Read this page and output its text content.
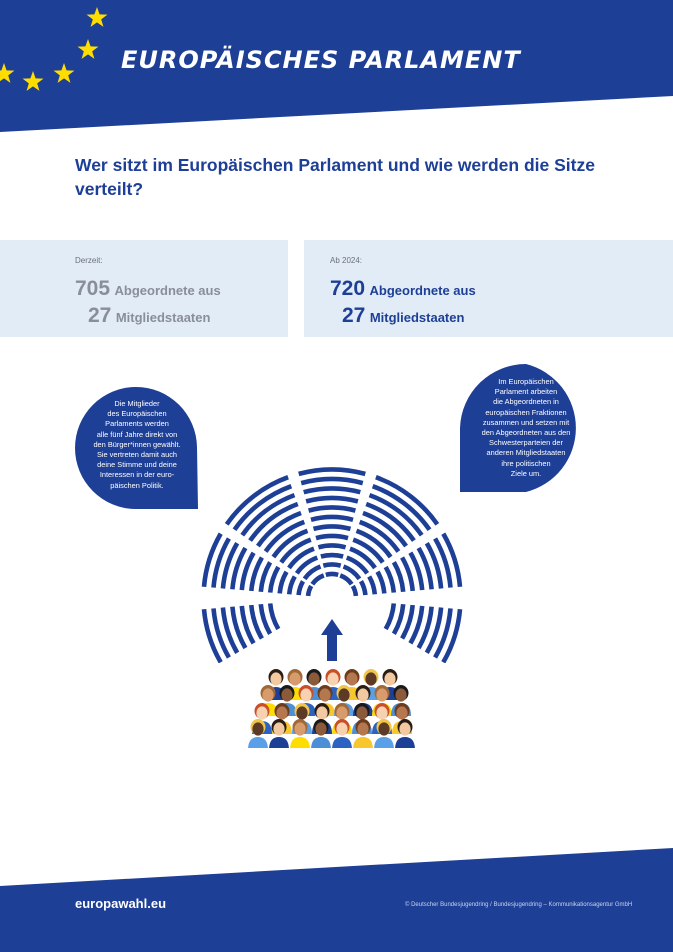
EUROPÄISCHES PARLAMENT
Wer sitzt im Europäischen Parlament und wie werden die Sitze verteilt?
Derzeit:
705 Abgeordnete aus
27 Mitgliedstaaten
Ab 2024:
720 Abgeordnete aus
27 Mitgliedstaaten
Die Mitglieder
des Europäischen
Parlaments werden
alle fünf Jahre direkt von
den Bürger*innen gewählt.
Sie vertreten damit auch
deine Stimme und deine
Interessen in der euro-
päischen Politik.
Im Europäischen
Parlament arbeiten
die Abgeordneten in
europäischen Fraktionen
zusammen und setzen mit
den Abgeordneten aus den
Schwesterparteien der
anderen Mitgliedstaaten
ihre politischen
Ziele um.

europawahl.eu	© Deutscher Bundesjugendring / Bundesjugendring – Kommunikationsagentur GmbH
